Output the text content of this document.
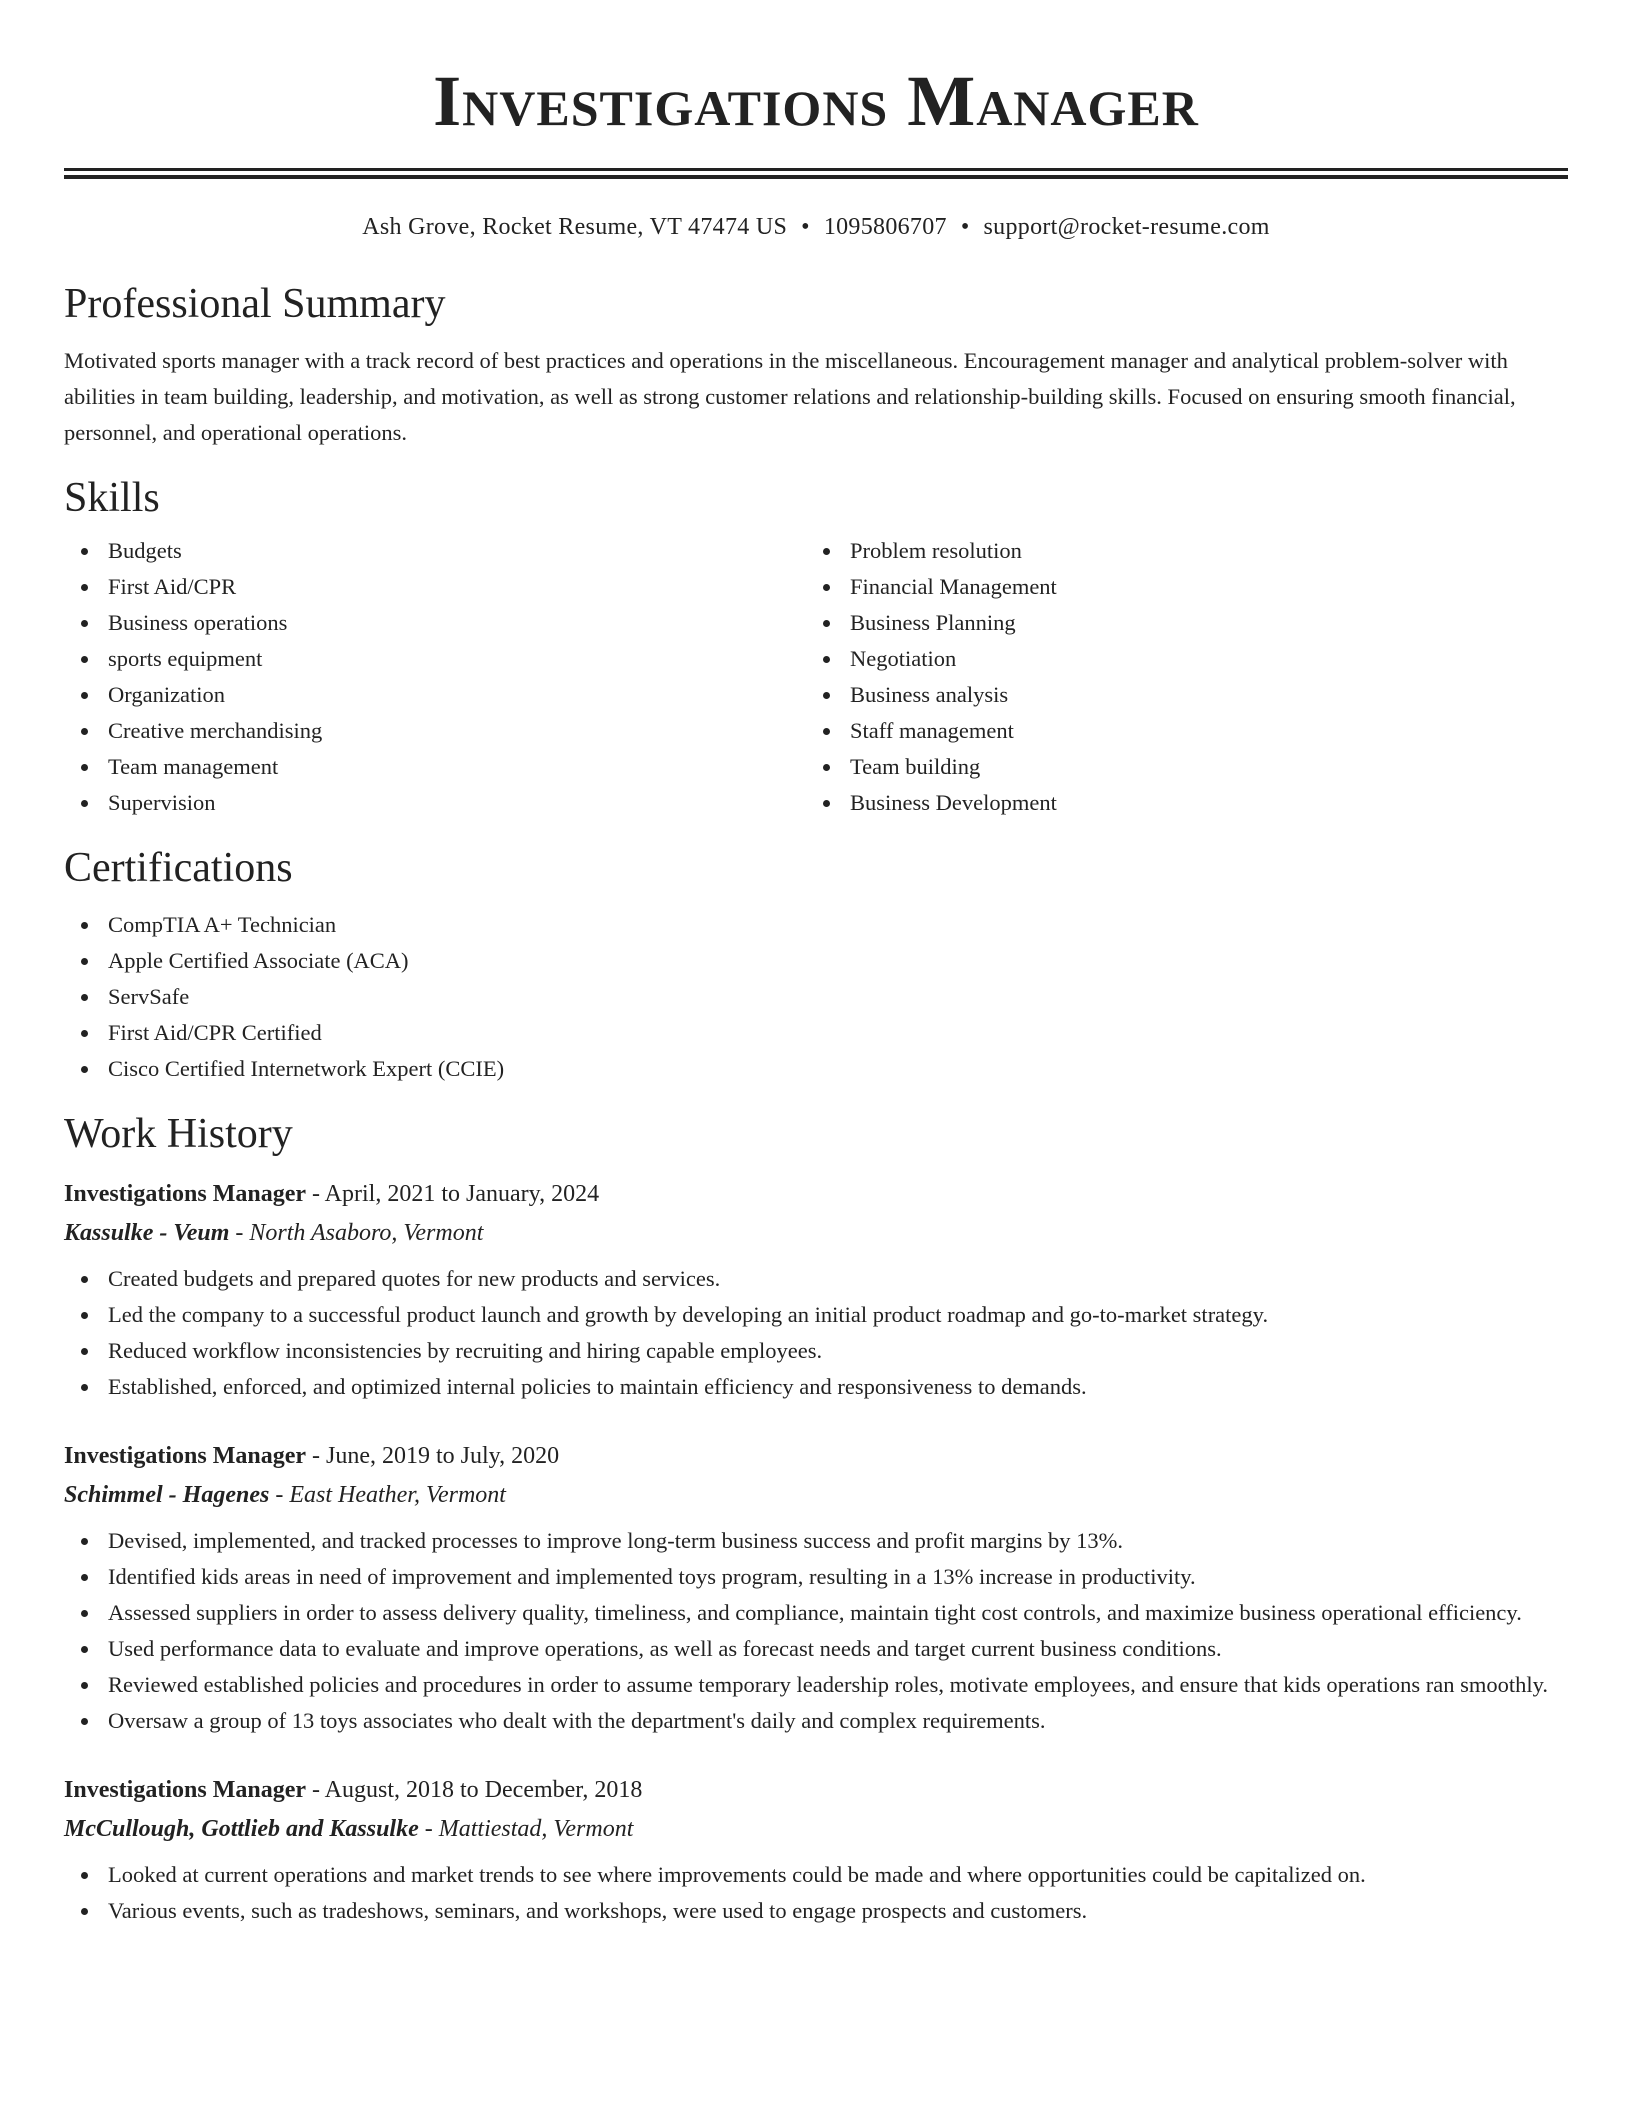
Investigations Manager
Ash Grove, Rocket Resume, VT 47474 US • 1095806707 • support@rocket-resume.com
Professional Summary

Motivated sports manager with a track record of best practices and operations in the miscellaneous. Encouragement manager and analytical problem-solver with abilities in team building, leadership, and motivation, as well as strong customer relations and relationship-building skills. Focused on ensuring smooth financial, personnel, and operational operations.

Skills
Budgets
First Aid/CPR
Business operations
sports equipment
Organization
Creative merchandising
Team management
Supervision
Problem resolution
Financial Management
Business Planning
Negotiation
Business analysis
Staff management
Team building
Business Development
Certifications
CompTIA A+ Technician
Apple Certified Associate (ACA)
ServSafe
First Aid/CPR Certified
Cisco Certified Internetwork Expert (CCIE)
Work History
Investigations Manager - April, 2021 to January, 2024
Kassulke - Veum - North Asaboro, Vermont
Created budgets and prepared quotes for new products and services.
Led the company to a successful product launch and growth by developing an initial product roadmap and go-to-market strategy.
Reduced workflow inconsistencies by recruiting and hiring capable employees.
Established, enforced, and optimized internal policies to maintain efficiency and responsiveness to demands.
Investigations Manager - June, 2019 to July, 2020
Schimmel - Hagenes - East Heather, Vermont
Devised, implemented, and tracked processes to improve long-term business success and profit margins by 13%.
Identified kids areas in need of improvement and implemented toys program, resulting in a 13% increase in productivity.
Assessed suppliers in order to assess delivery quality, timeliness, and compliance, maintain tight cost controls, and maximize business operational efficiency.
Used performance data to evaluate and improve operations, as well as forecast needs and target current business conditions.
Reviewed established policies and procedures in order to assume temporary leadership roles, motivate employees, and ensure that kids operations ran smoothly.
Oversaw a group of 13 toys associates who dealt with the department's daily and complex requirements.
Investigations Manager - August, 2018 to December, 2018
McCullough, Gottlieb and Kassulke - Mattiestad, Vermont
Looked at current operations and market trends to see where improvements could be made and where opportunities could be capitalized on.
Various events, such as tradeshows, seminars, and workshops, were used to engage prospects and customers.
